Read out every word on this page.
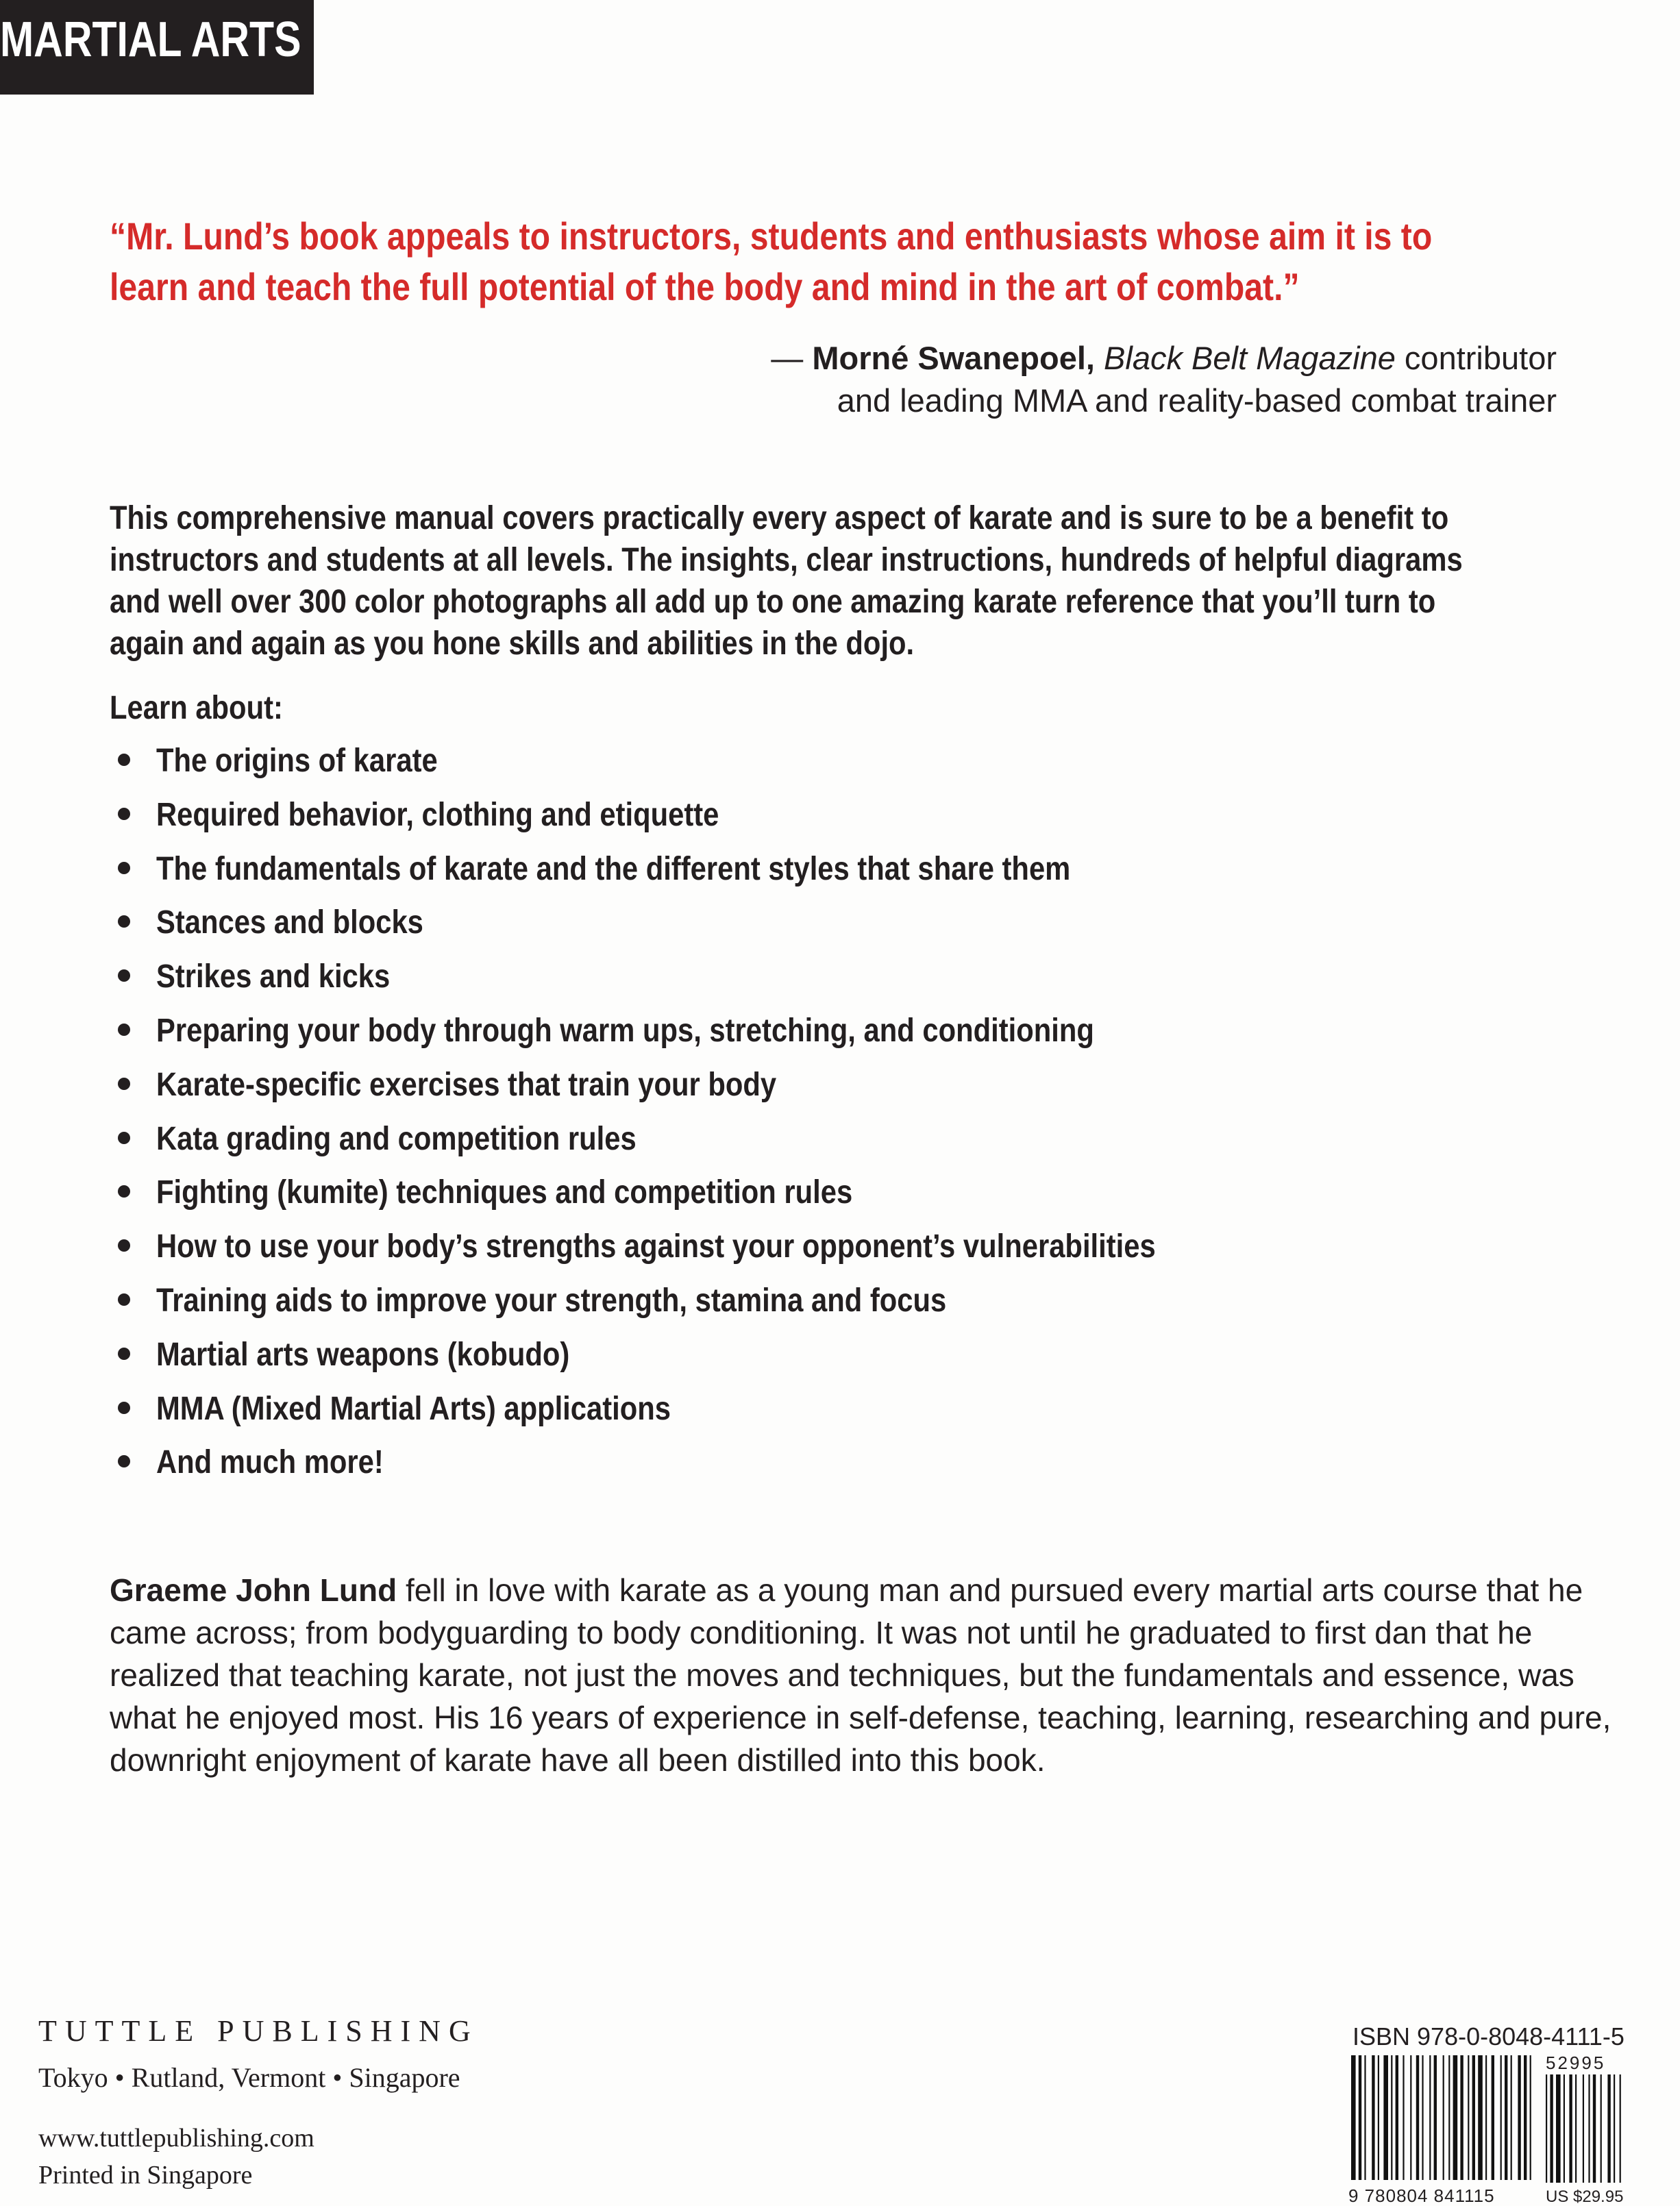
MARTIAL ARTS
“Mr. Lund’s book appeals to instructors, students and enthusiasts whose aim it is to
learn and teach the full potential of the body and mind in the art of combat.”
— Morné Swanepoel, Black Belt Magazine contributor
and leading MMA and reality-based combat trainer
This comprehensive manual covers practically every aspect of karate and is sure to be a benefit to
instructors and students at all levels. The insights, clear instructions, hundreds of helpful diagrams
and well over 300 color photographs all add up to one amazing karate reference that you’ll turn to
again and again as you hone skills and abilities in the dojo.
Learn about:
The origins of karate
Required behavior, clothing and etiquette
The fundamentals of karate and the different styles that share them
Stances and blocks
Strikes and kicks
Preparing your body through warm ups, stretching, and conditioning
Karate-specific exercises that train your body
Kata grading and competition rules
Fighting (kumite) techniques and competition rules
How to use your body’s strengths against your opponent’s vulnerabilities
Training aids to improve your strength, stamina and focus
Martial arts weapons (kobudo)
MMA (Mixed Martial Arts) applications
And much more!
Graeme John Lund fell in love with karate as a young man and pursued every martial arts course that he
came across; from bodyguarding to body conditioning. It was not until he graduated to first dan that he
realized that teaching karate, not just the moves and techniques, but the fundamentals and essence, was
what he enjoyed most. His 16 years of experience in self-defense, teaching, learning, researching and pure,
downright enjoyment of karate have all been distilled into this book.
TUTTLE PUBLISHING
Tokyo • Rutland, Vermont • Singapore
www.tuttlepublishing.com
Printed in Singapore
ISBN 978-0-8048-4111-5
52995
9 780804 841115	US $29.95
